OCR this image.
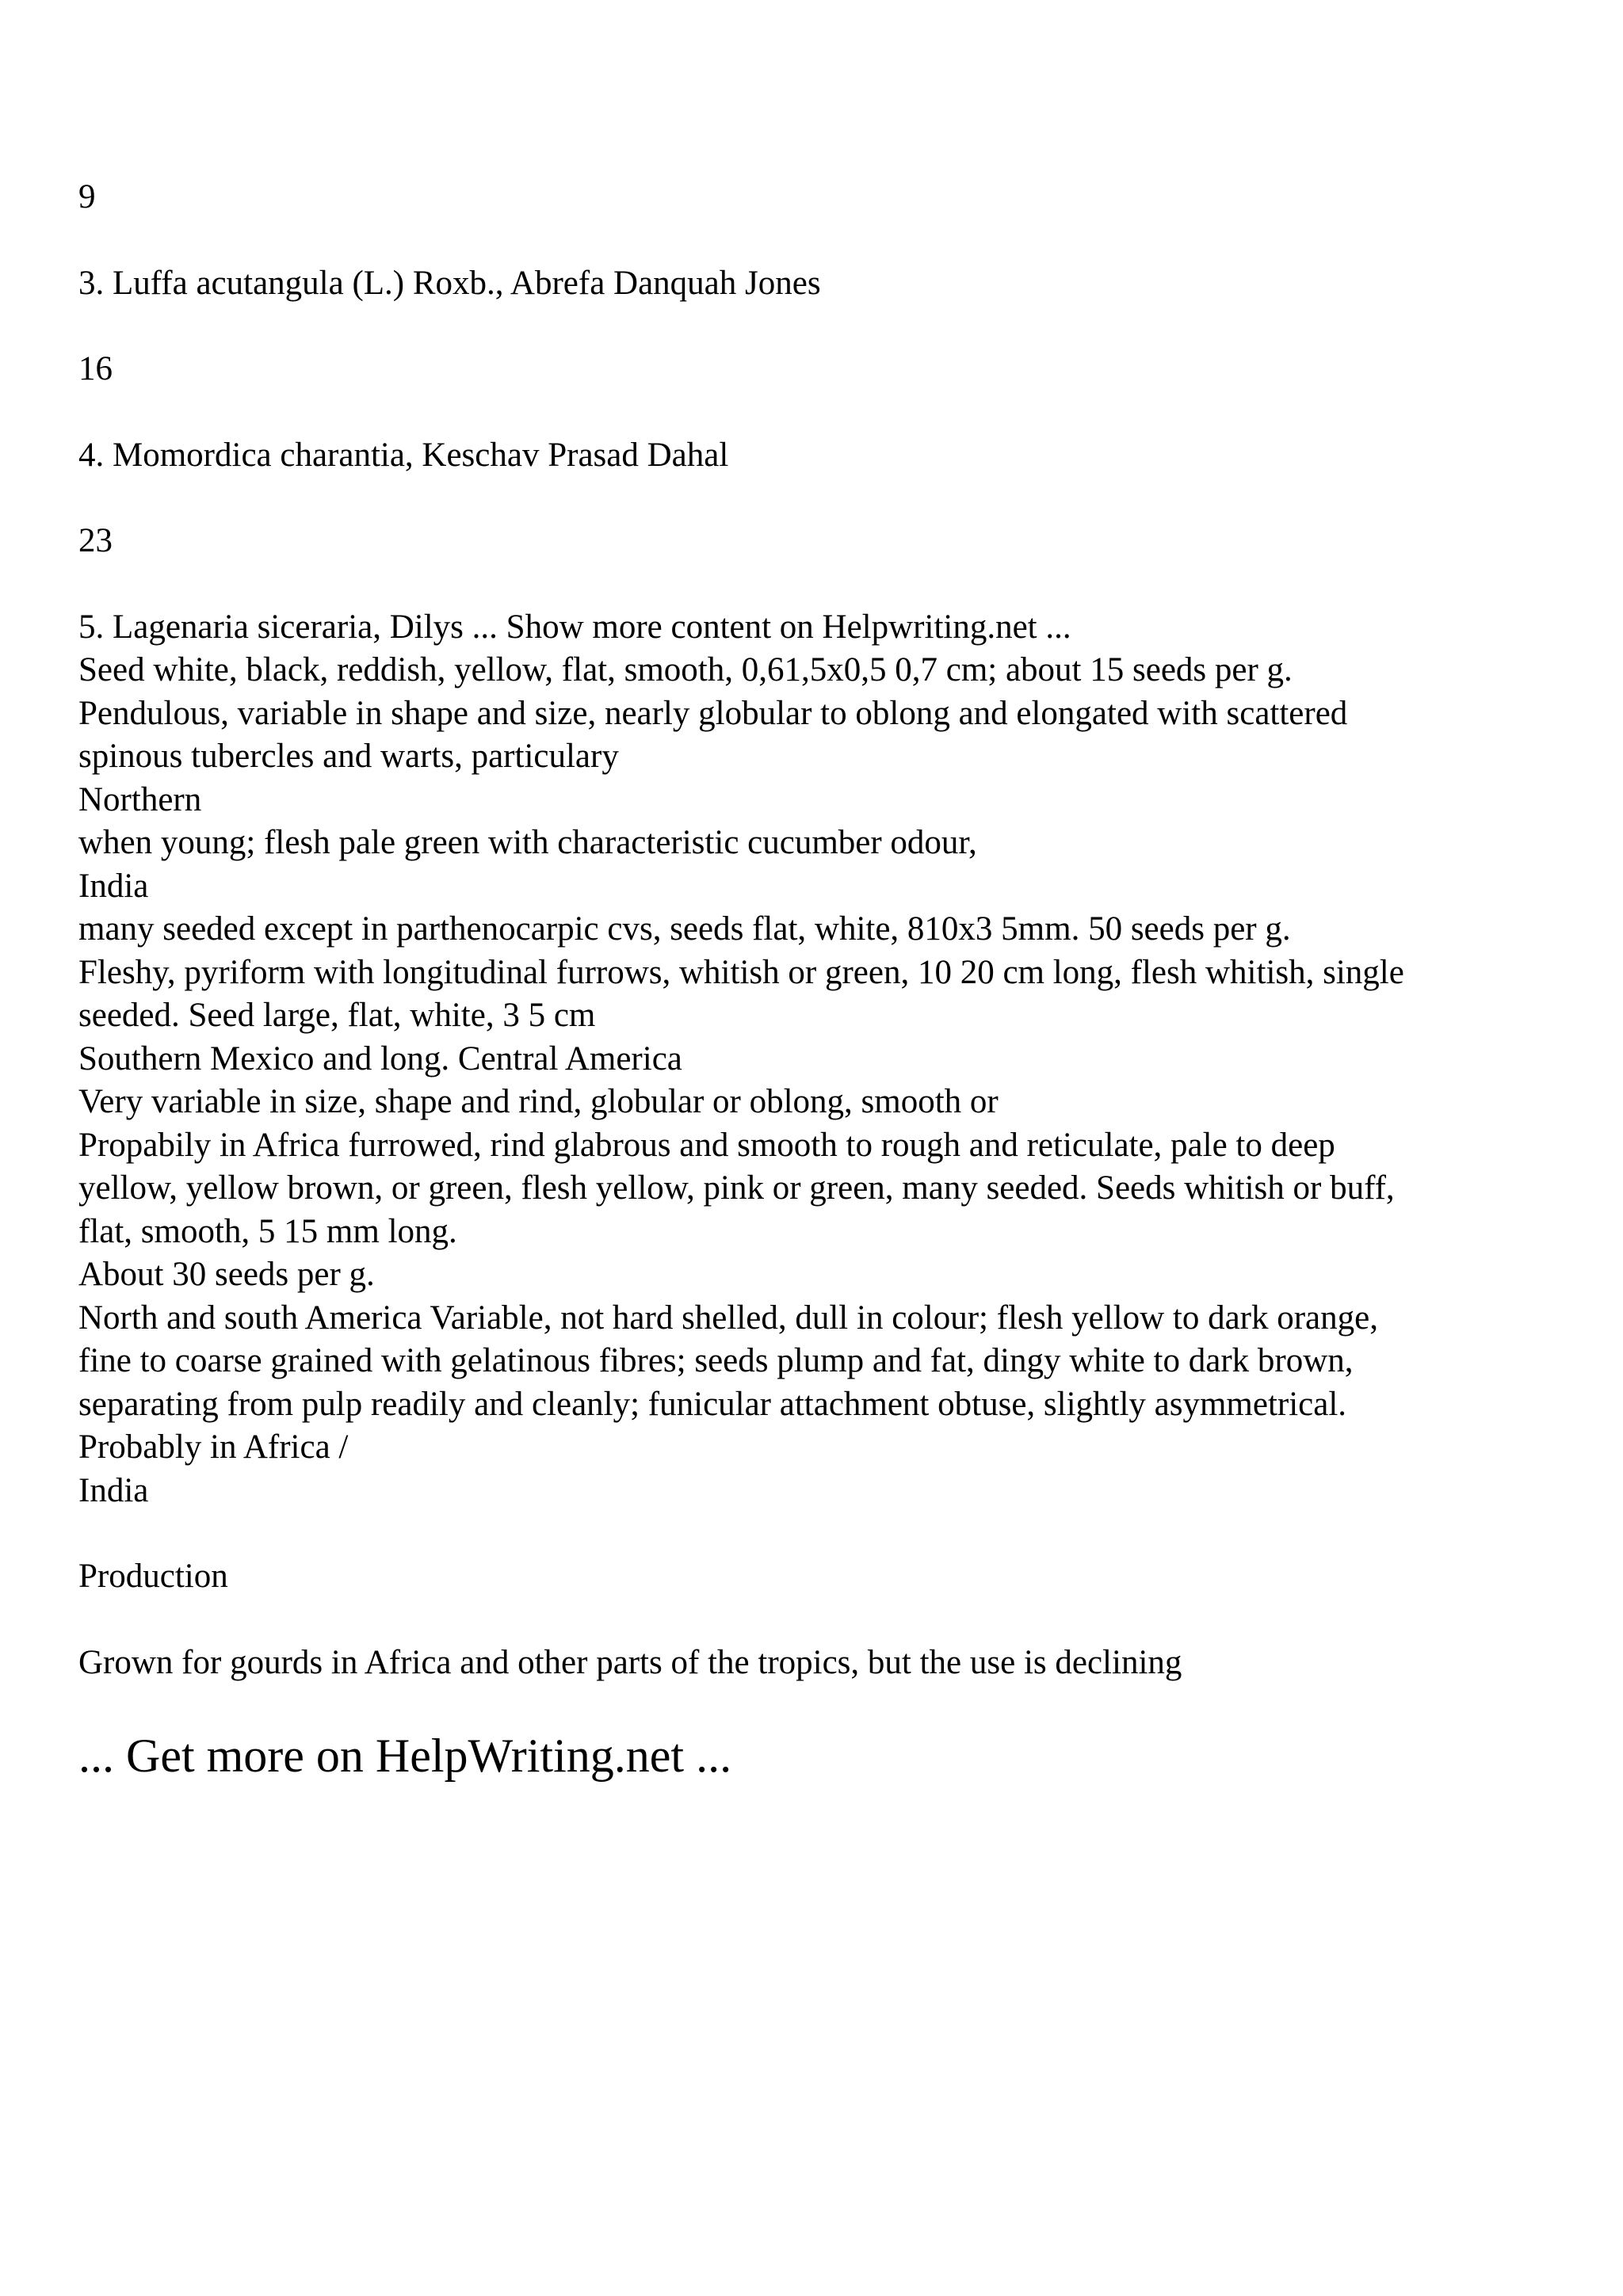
9

3. Luffa acutangula (L.) Roxb., Abrefa Danquah Jones

16

4. Momordica charantia, Keschav Prasad Dahal

23

5. Lagenaria siceraria, Dilys ... Show more content on Helpwriting.net ...

Seed white, black, reddish, yellow, flat, smooth, 0,61,5x0,5 0,7 cm; about 15 seeds per g.

Pendulous, variable in shape and size, nearly globular to oblong and elongated with scattered

spinous tubercles and warts, particulary

Northern

when young; flesh pale green with characteristic cucumber odour,

India

many seeded except in parthenocarpic cvs, seeds flat, white, 810x3 5mm. 50 seeds per g.

Fleshy, pyriform with longitudinal furrows, whitish or green, 10 20 cm long, flesh whitish, single

seeded. Seed large, flat, white, 3 5 cm

Southern Mexico and long. Central America

Very variable in size, shape and rind, globular or oblong, smooth or

Propabily in Africa furrowed, rind glabrous and smooth to rough and reticulate, pale to deep

yellow, yellow brown, or green, flesh yellow, pink or green, many seeded. Seeds whitish or buff,

flat, smooth, 5 15 mm long.

About 30 seeds per g.

North and south America Variable, not hard shelled, dull in colour; flesh yellow to dark orange,

fine to coarse grained with gelatinous fibres; seeds plump and fat, dingy white to dark brown,

separating from pulp readily and cleanly; funicular attachment obtuse, slightly asymmetrical.

Probably in Africa /

India

Production

Grown for gourds in Africa and other parts of the tropics, but the use is declining

... Get more on HelpWriting.net ...
